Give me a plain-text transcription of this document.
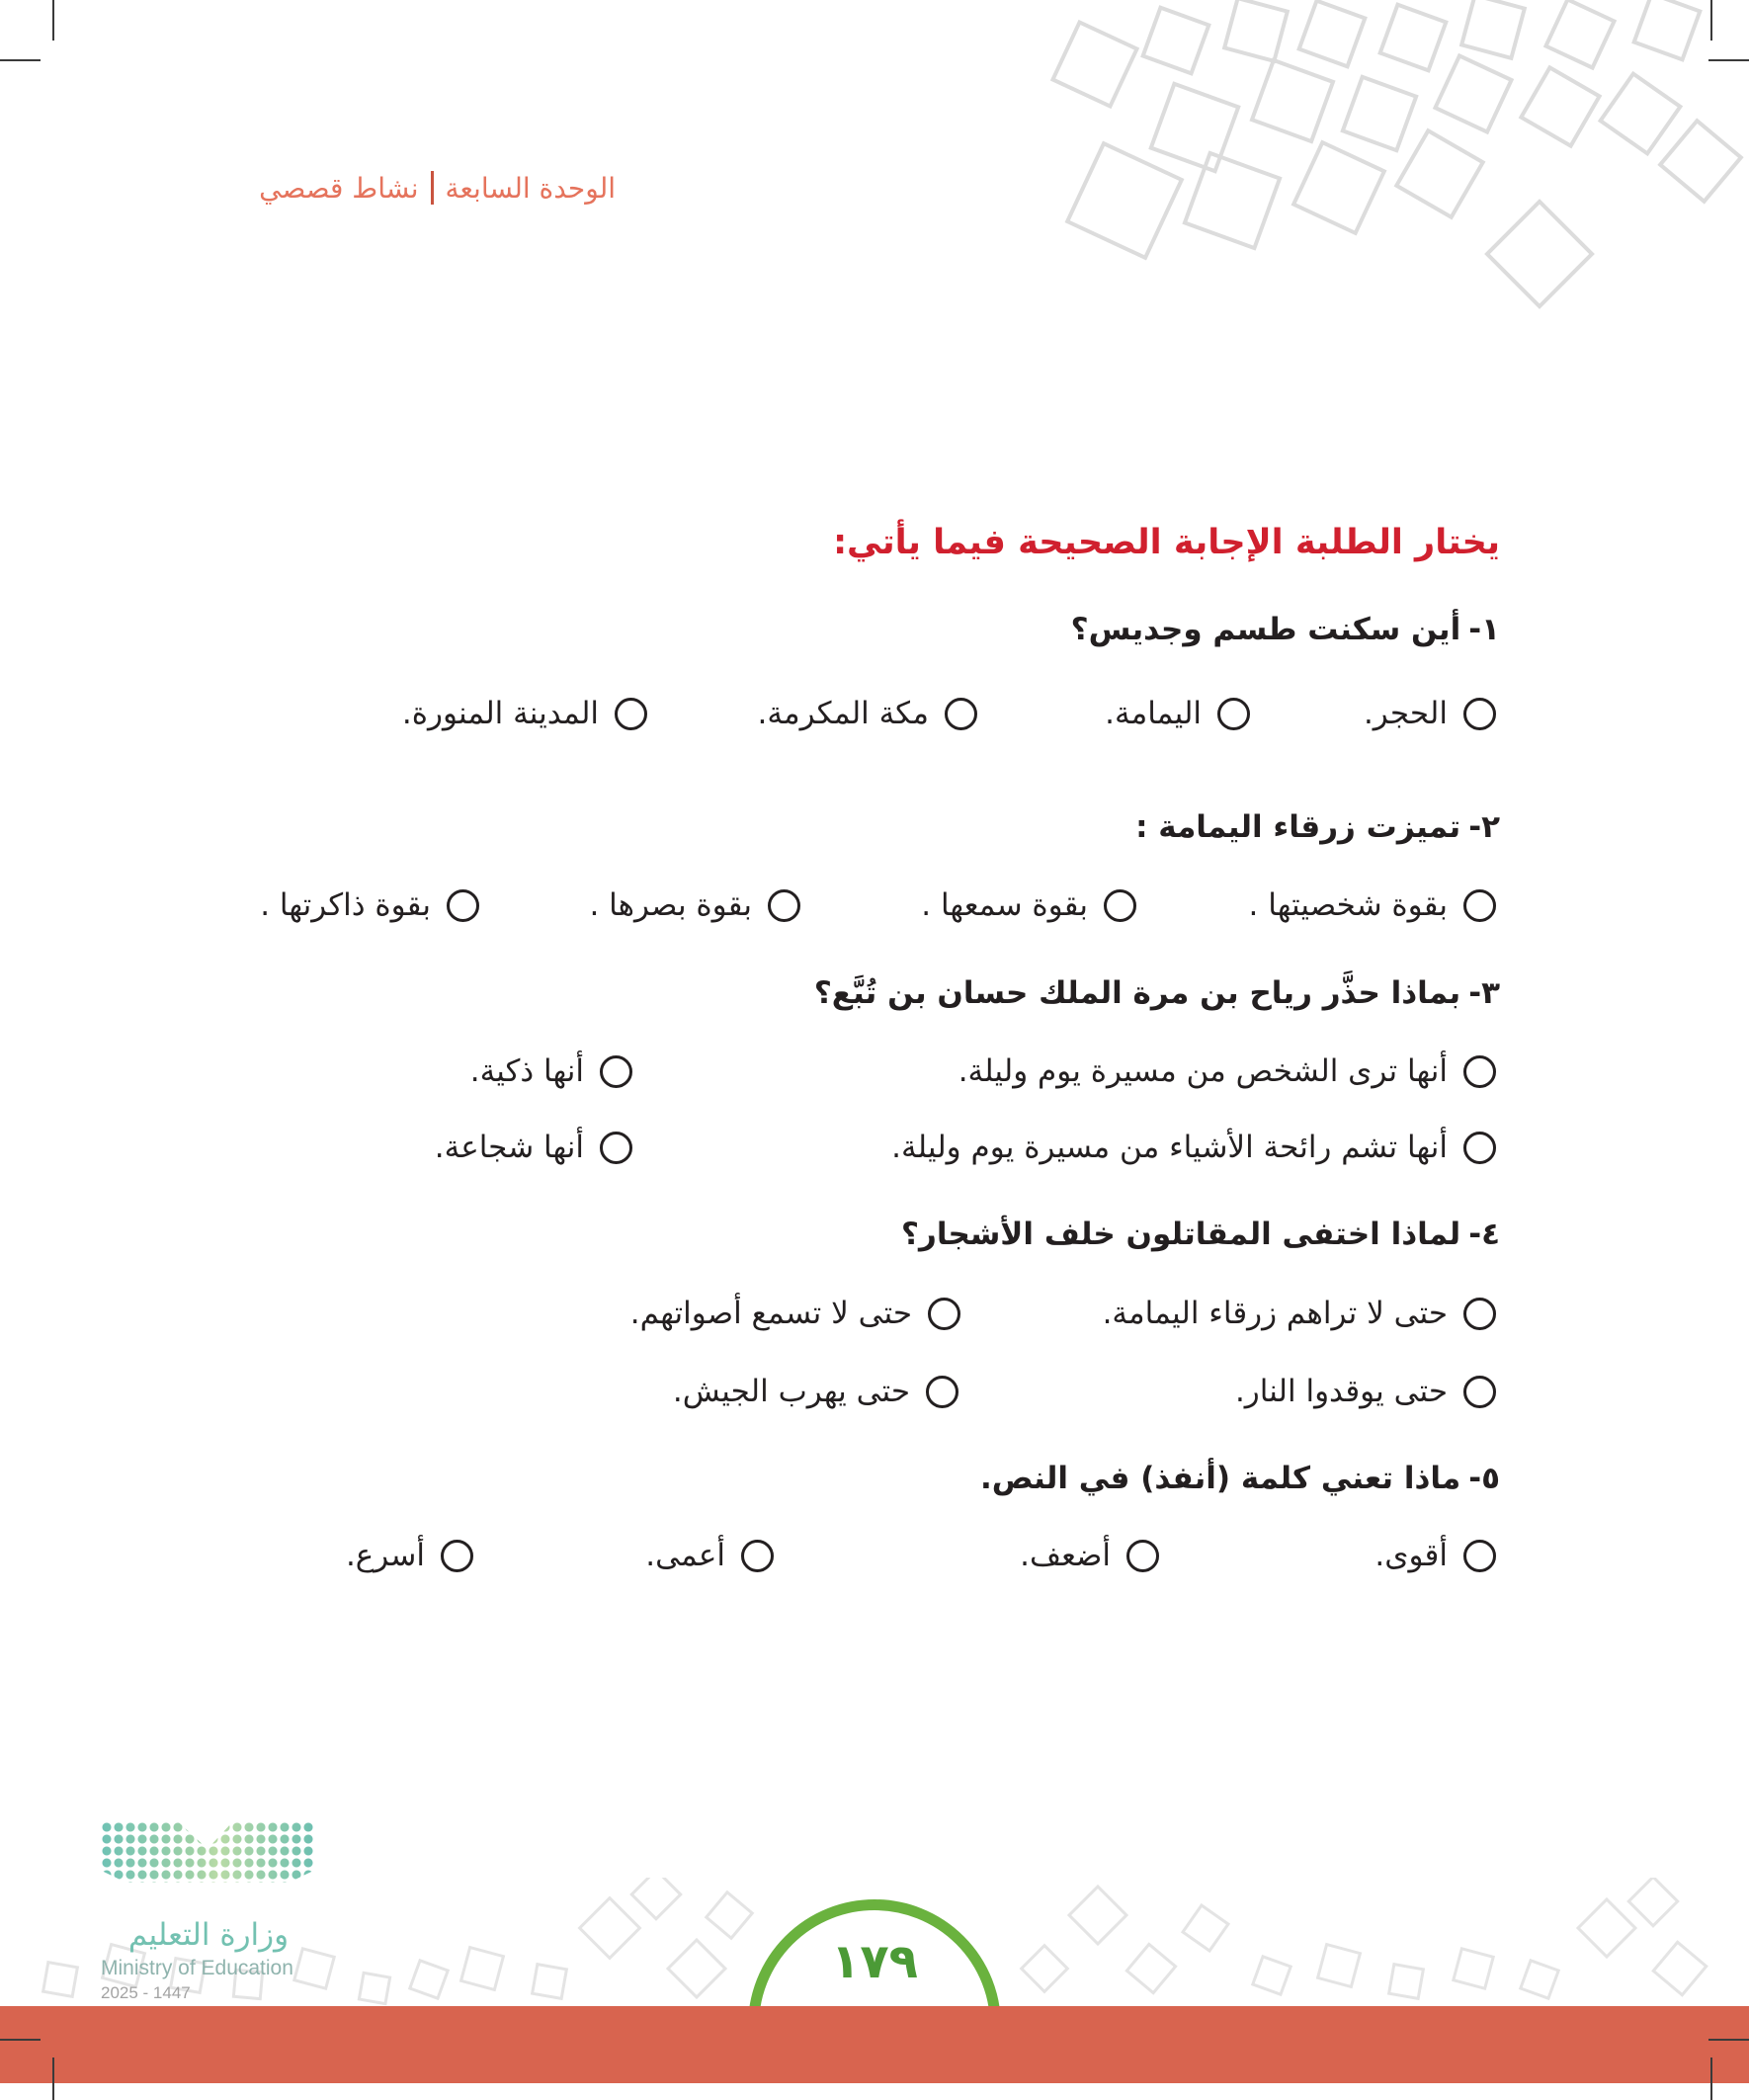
الوحدة السابعة
نشاط قصصي
يختار الطلبة الإجابة الصحيحة فيما يأتي:
١-
أين سكنت طسم وجديس؟
الحجر.
اليمامة.
مكة المكرمة.
المدينة المنورة.
٢-
تميزت زرقاء اليمامة :
بقوة شخصيتها .
بقوة سمعها .
بقوة بصرها .
بقوة ذاكرتها .
٣-
بماذا حذَّر رياح بن مرة الملك حسان بن تُبَّع؟
أنها ترى الشخص من مسيرة يوم وليلة.
أنها ذكية.
أنها تشم رائحة الأشياء من مسيرة يوم وليلة.
أنها شجاعة.
٤-
لماذا اختفى المقاتلون خلف الأشجار؟
حتى لا تراهم زرقاء اليمامة.
حتى لا تسمع أصواتهم.
حتى يوقدوا النار.
حتى يهرب الجيش.
٥-
ماذا تعني كلمة (أنفذ) في النص.
أقوى.
أضعف.
أعمى.
أسرع.
وزارة التعليم
Ministry of Education
2025 - 1447
١٧٩
